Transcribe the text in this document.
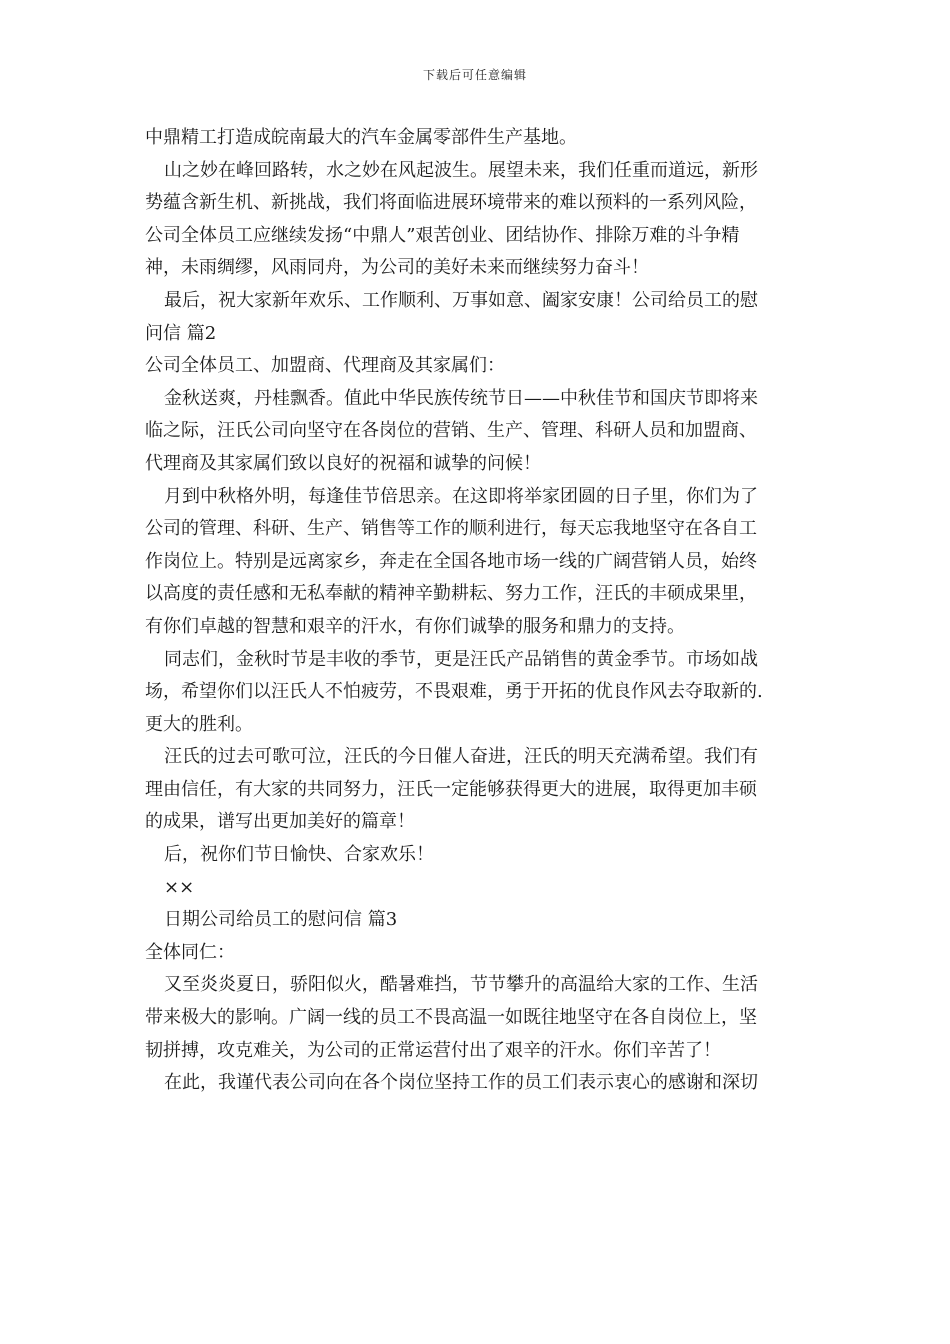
下载后可任意编辑
中鼎精工打造成皖南最大的汽车金属零部件生产基地。
山之妙在峰回路转，水之妙在风起波生。展望未来，我们任重而道远，新形
势蕴含新生机、新挑战，我们将面临进展环境带来的难以预料的一系列风险，
公司全体员工应继续发扬“中鼎人”艰苦创业、团结协作、排除万难的斗争精
神，未雨绸缪，风雨同舟，为公司的美好未来而继续努力奋斗！
最后，祝大家新年欢乐、工作顺利、万事如意、阖家安康！公司给员工的慰
问信 篇2
公司全体员工、加盟商、代理商及其家属们：
金秋送爽，丹桂飘香。值此中华民族传统节日——中秋佳节和国庆节即将来
临之际，汪氏公司向坚守在各岗位的营销、生产、管理、科研人员和加盟商、
代理商及其家属们致以良好的祝福和诚挚的问候！
月到中秋格外明，每逢佳节倍思亲。在这即将举家团圆的日子里，你们为了
公司的管理、科研、生产、销售等工作的顺利进行，每天忘我地坚守在各自工
作岗位上。特别是远离家乡，奔走在全国各地市场一线的广阔营销人员，始终
以高度的责任感和无私奉献的精神辛勤耕耘、努力工作，汪氏的丰硕成果里，
有你们卓越的智慧和艰辛的汗水，有你们诚挚的服务和鼎力的支持。
同志们，金秋时节是丰收的季节，更是汪氏产品销售的黄金季节。市场如战
场，希望你们以汪氏人不怕疲劳，不畏艰难，勇于开拓的优良作风去夺取新的.
更大的胜利。
汪氏的过去可歌可泣，汪氏的今日催人奋进，汪氏的明天充满希望。我们有
理由信任，有大家的共同努力，汪氏一定能够获得更大的进展，取得更加丰硕
的成果，谱写出更加美好的篇章！
后，祝你们节日愉快、合家欢乐！
××
日期公司给员工的慰问信 篇3
全体同仁：
又至炎炎夏日，骄阳似火，酷暑难挡，节节攀升的高温给大家的工作、生活
带来极大的影响。广阔一线的员工不畏高温一如既往地坚守在各自岗位上，坚
韧拼搏，攻克难关，为公司的正常运营付出了艰辛的汗水。你们辛苦了！
在此，我谨代表公司向在各个岗位坚持工作的员工们表示衷心的感谢和深切
